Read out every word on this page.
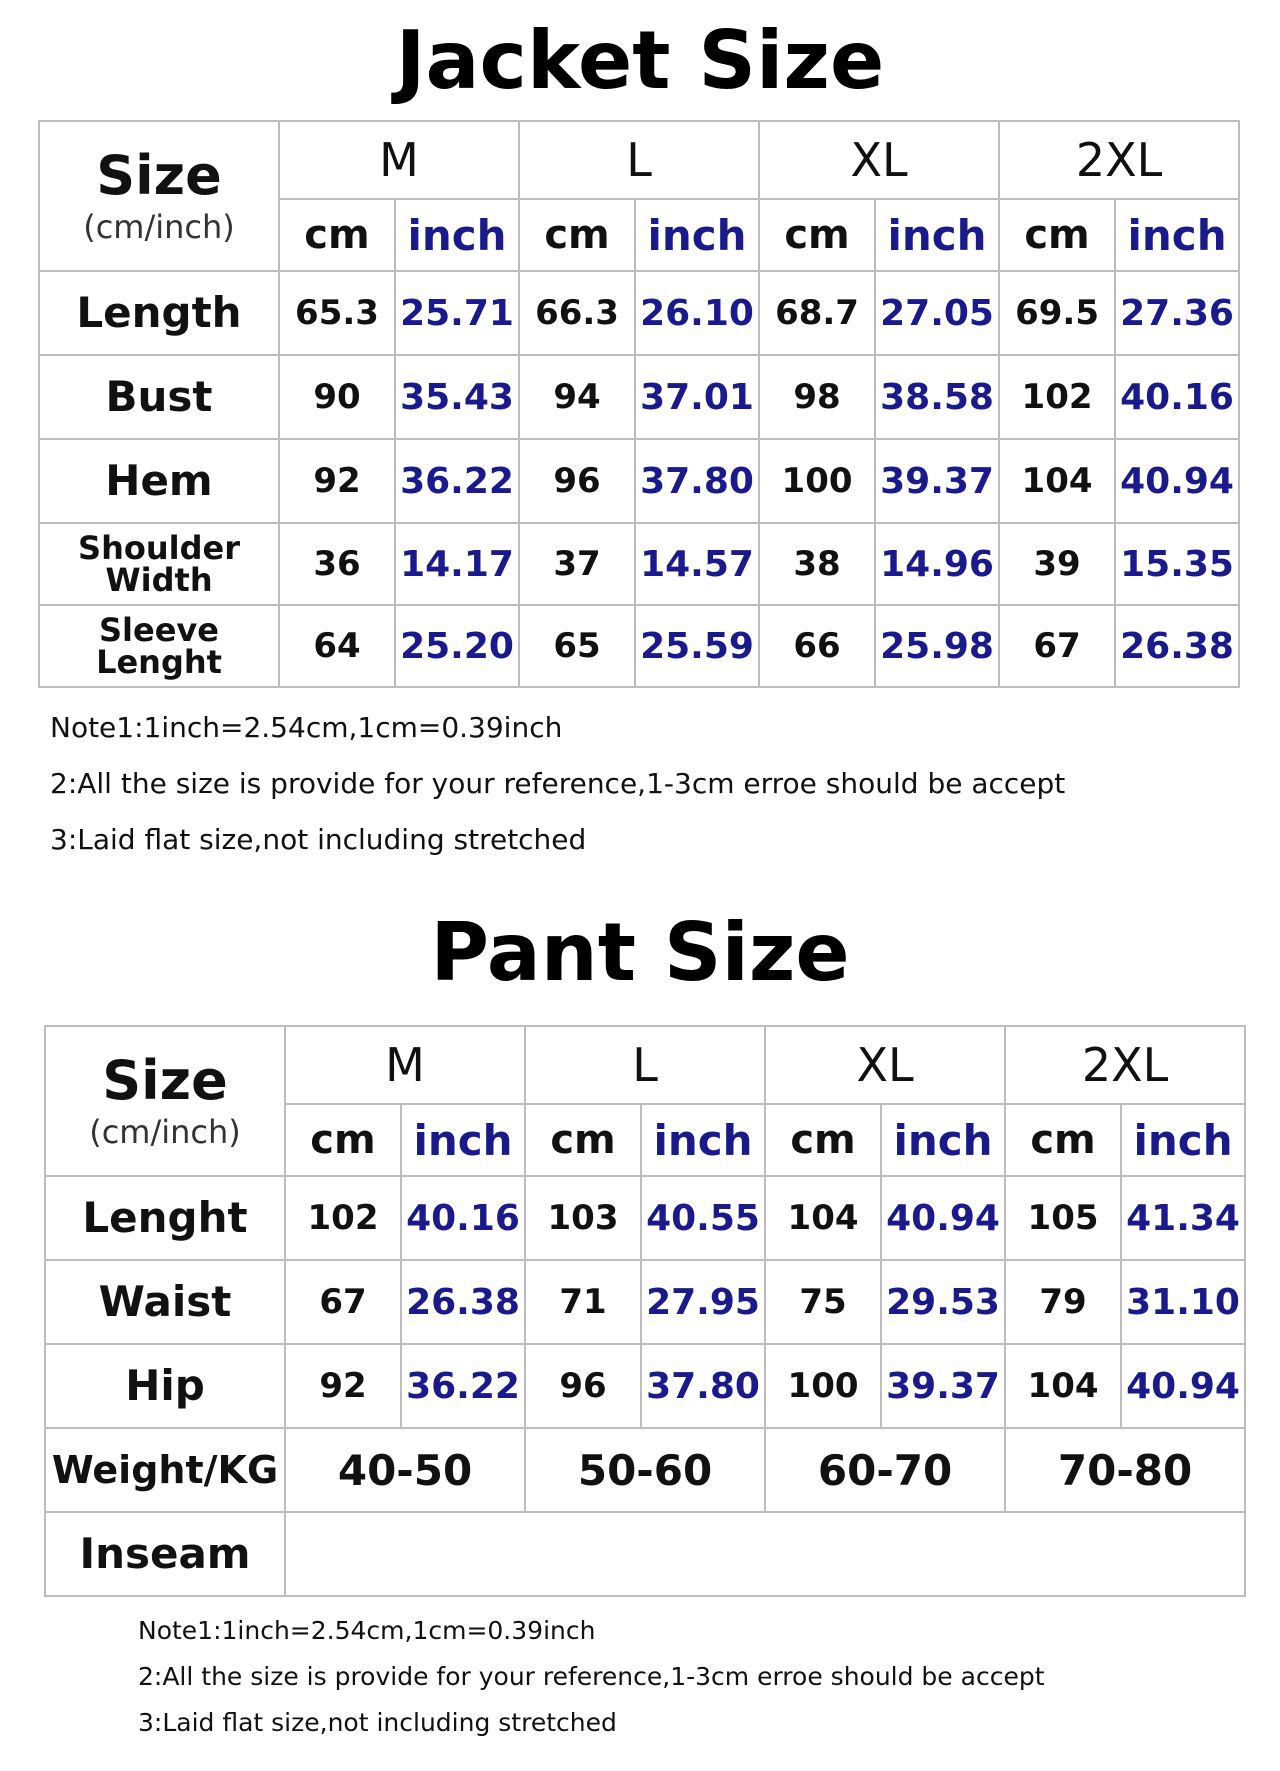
Jacket Size
Size
(cm/inch)	M		L		XL		2XL	
	cm	inch	cm	inch	cm	inch	cm	inch
Length	65.3	25.71	66.3	26.10	68.7	27.05	69.5	27.36
Bust	90	35.43	94	37.01	98	38.58	102	40.16
Hem	92	36.22	96	37.80	100	39.37	104	40.94
Shoulder Width	36	14.17	37	14.57	38	14.96	39	15.35
Sleeve Lenght	64	25.20	65	25.59	66	25.98	67	26.38
Note1:1inch=2.54cm,1cm=0.39inch
2:All the size is provide for your reference,1-3cm erroe should be accept
3:Laid flat size,not including stretched
Pant Size
Size
(cm/inch)	M		L		XL		2XL	
	cm	inch	cm	inch	cm	inch	cm	inch
Lenght	102	40.16	103	40.55	104	40.94	105	41.34
Waist	67	26.38	71	27.95	75	29.53	79	31.10
Hip	92	36.22	96	37.80	100	39.37	104	40.94
Weight/KG	40-50		50-60		60-70		70-80	
Inseam								
Note1:1inch=2.54cm,1cm=0.39inch
2:All the size is provide for your reference,1-3cm erroe should be accept
3:Laid flat size,not including stretched
